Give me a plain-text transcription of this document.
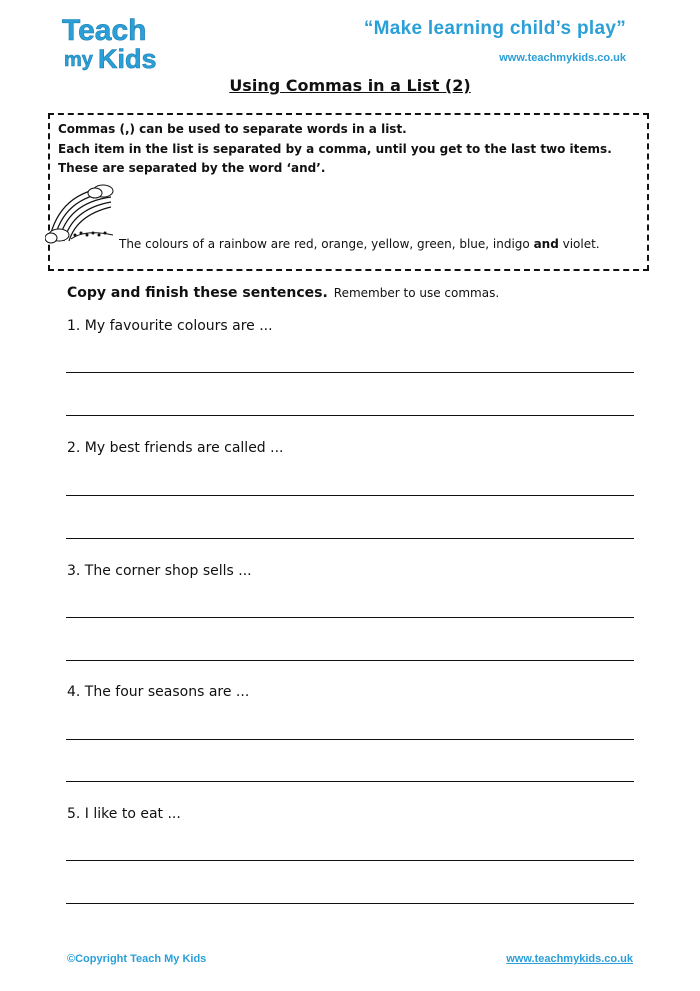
Teach
my Kids
“Make learning child’s play”
www.teachmykids.co.uk
Using Commas in a List (2)
Commas (,) can be used to separate words in a list.
Each item in the list is separated by a comma, until you get to the last two items.
These are separated by the word ‘and’.
The colours of a rainbow are red, orange, yellow, green, blue, indigo and violet.
Copy and finish these sentences. Remember to use commas.
1. My favourite colours are ...
2. My best friends are called ...
3. The corner shop sells ...
4. The four seasons are ...
5. I like to eat ...
©Copyright Teach My Kids	www.teachmykids.co.uk
